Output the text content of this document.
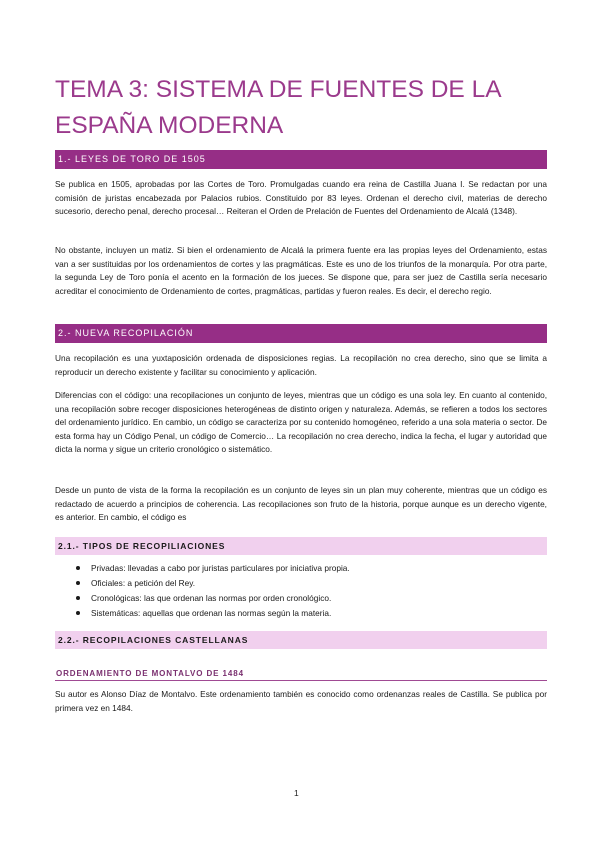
TEMA 3: SISTEMA DE FUENTES DE LA ESPAÑA MODERNA
1.- LEYES DE TORO DE 1505

Se publica en 1505, aprobadas por las Cortes de Toro. Promulgadas cuando era reina de Castilla Juana I. Se redactan por una comisión de juristas encabezada por Palacios rubios. Constituido por 83 leyes. Ordenan el derecho civil, materias de derecho sucesorio, derecho penal, derecho procesal… Reiteran el Orden de Prelación de Fuentes del Ordenamiento de Alcalá (1348).

No obstante, incluyen un matiz. Si bien el ordenamiento de Alcalá la primera fuente era las propias leyes del Ordenamiento, estas van a ser sustituidas por los ordenamientos de cortes y las pragmáticas. Este es uno de los triunfos de la monarquía. Por otra parte, la segunda Ley de Toro ponía el acento en la formación de los jueces. Se dispone que, para ser juez de Castilla sería necesario acreditar el conocimiento de Ordenamiento de cortes, pragmáticas, partidas y fueron reales. Es decir, el derecho regio.

2.- NUEVA RECOPILACIÓN

Una recopilación es una yuxtaposición ordenada de disposiciones regias. La recopilación no crea derecho, sino que se limita a reproducir un derecho existente y facilitar su conocimiento y aplicación.

Diferencias con el código: una recopilaciones un conjunto de leyes, mientras que un código es una sola ley. En cuanto al contenido, una recopilación sobre recoger disposiciones heterogéneas de distinto origen y naturaleza. Además, se refieren a todos los sectores del ordenamiento jurídico. En cambio, un código se caracteriza por su contenido homogéneo, referido a una sola materia o sector. De esta forma hay un Código Penal, un código de Comercio… La recopilación no crea derecho, indica la fecha, el lugar y autoridad que dicta la norma y sigue un criterio cronológico o sistemático.

Desde un punto de vista de la forma la recopilación es un conjunto de leyes sin un plan muy coherente, mientras que un código es redactado de acuerdo a principios de coherencia. Las recopilaciones son fruto de la historia, porque aunque es un derecho vigente, es anterior. En cambio, el código es

2.1.- TIPOS DE RECOPILIACIONES
Privadas: llevadas a cabo por juristas particulares por iniciativa propia.
Oficiales: a petición del Rey.
Cronológicas: las que ordenan las normas por orden cronológico.
Sistemáticas: aquellas que ordenan las normas según la materia.
2.2.- RECOPILACIONES CASTELLANAS
ORDENAMIENTO DE MONTALVO DE 1484

Su autor es Alonso Díaz de Montalvo. Este ordenamiento también es conocido como ordenanzas reales de Castilla. Se publica por primera vez en 1484.

1
